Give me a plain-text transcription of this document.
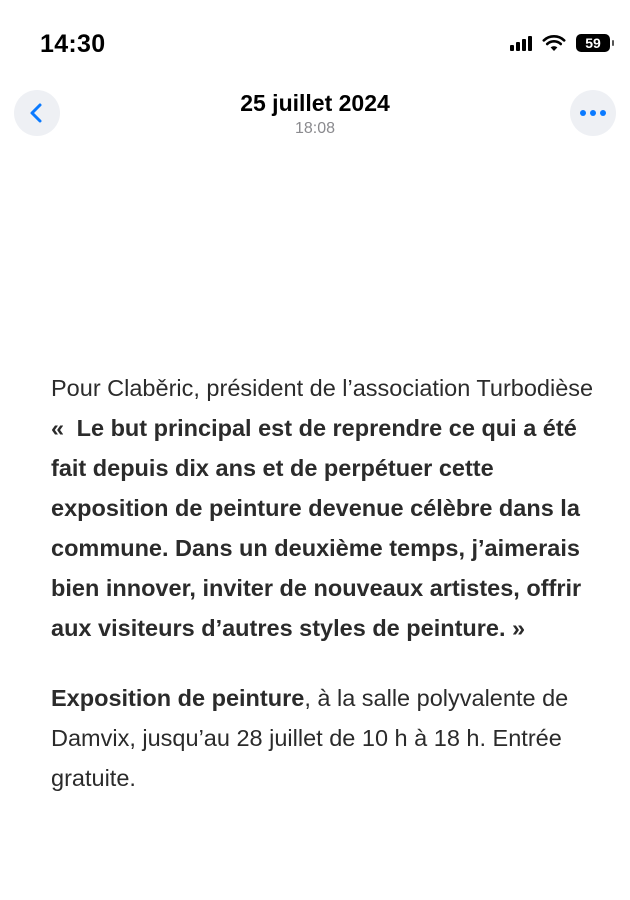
14:30	59
25 juillet 2024
18:08

Pour Claběric, président de l’association Turbodièse « Le but principal est de reprendre ce qui a été fait depuis dix ans et de perpétuer cette exposition de peinture devenue célèbre dans la commune. Dans un deuxième temps, j’aimerais bien innover, inviter de nouveaux artistes, offrir aux visiteurs d’autres styles de peinture. »

Exposition de peinture, à la salle polyvalente de Damvix, jusqu’au 28 juillet de 10 h à 18 h. Entrée gratuite.
